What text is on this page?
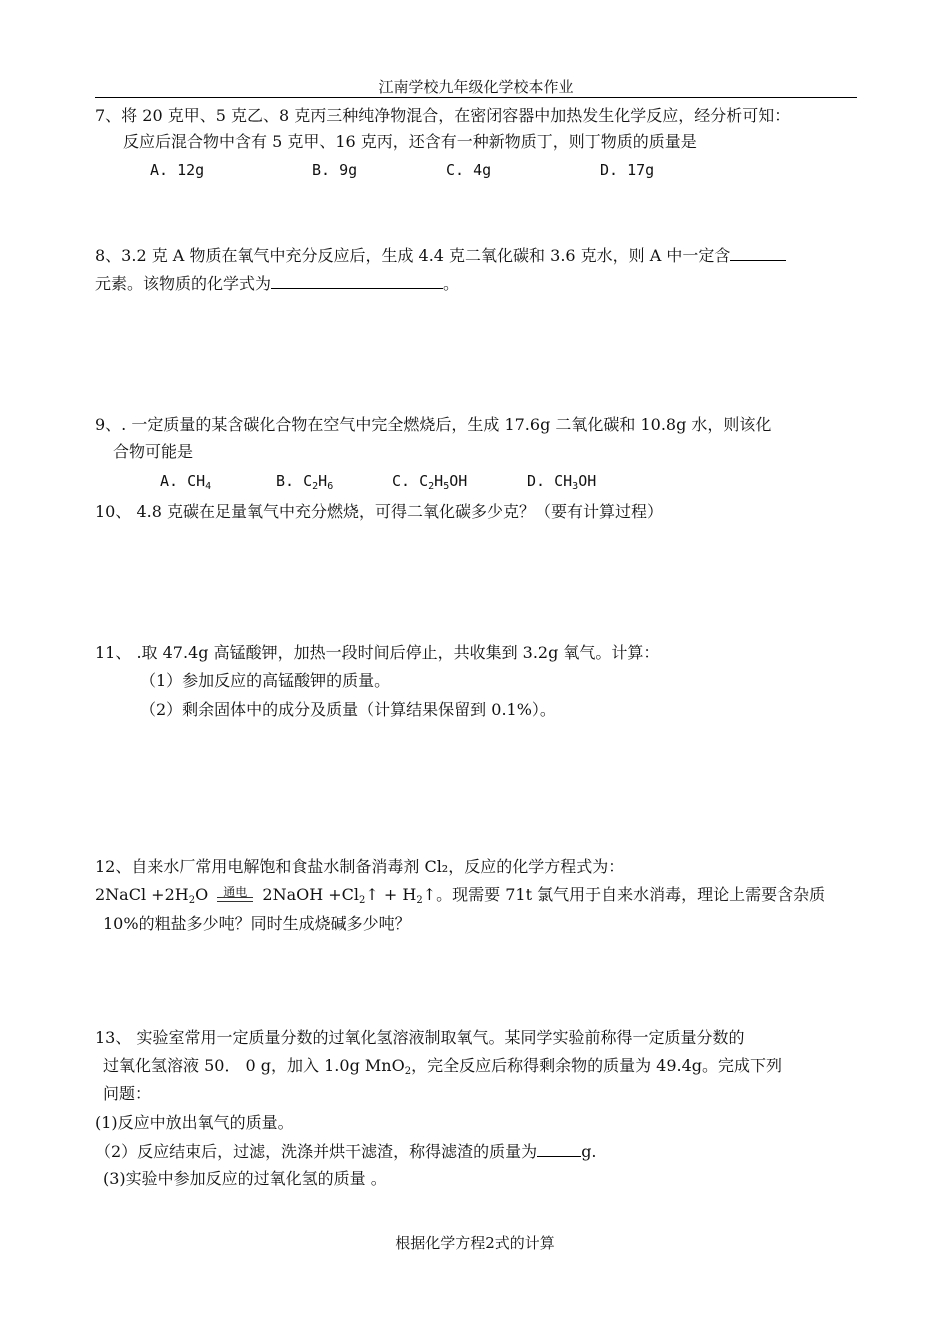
江南学校九年级化学校本作业
7、将 20 克甲、5 克乙、8 克丙三种纯净物混合，在密闭容器中加热发生化学反应，经分析可知：
反应后混合物中含有 5 克甲、16 克丙，还含有一种新物质丁，则丁物质的质量是
A. 12g	B. 9g	C. 4g	D. 17g
8、3.2 克 A 物质在氧气中充分反应后，生成 4.4 克二氧化碳和 3.6 克水，则 A 中一定含
元素。该物质的化学式为	。
9、. 一定质量的某含碳化合物在空气中完全燃烧后，生成 17.6g 二氧化碳和 10.8g 水，则该化
合物可能是
A. $CH_4$	B. $C_2H_6$	C. $C_2H_5OH$	D. $CH_3OH$
10、 4.8 克碳在足量氧气中充分燃烧，可得二氧化碳多少克？（要有计算过程）
11、 .取 47.4g 高锰酸钾，加热一段时间后停止，共收集到 3.2g 氧气。计算：
（1）参加反应的高锰酸钾的质量。
（2）剩余固体中的成分及质量（计算结果保留到 0.1%）。
12、自来水厂常用电解饱和食盐水制备消毒剂 Cl₂，反应的化学方程式为：
2NaCl $+2H_2O$ 通电 2NaOH $+Cl_2↑$ + $H_2↑$。现需要 71t 氯气用于自来水消毒，理论上需要含杂质
10%的粗盐多少吨？同时生成烧碱多少吨？
13、 实验室常用一定质量分数的过氧化氢溶液制取氧气。某同学实验前称得一定质量分数的
过氧化氢溶液 50． 0 g，加入 1.0g MnO$_2$，完全反应后称得剩余物的质量为 49.4g。完成下列
问题：
(1)反应中放出氧气的质量。
（2）反应结束后，过滤，洗涤并烘干滤渣，称得滤渣的质量为	g.
(3)实验中参加反应的过氧化氢的质量 。
根据化学方程2式的计算
